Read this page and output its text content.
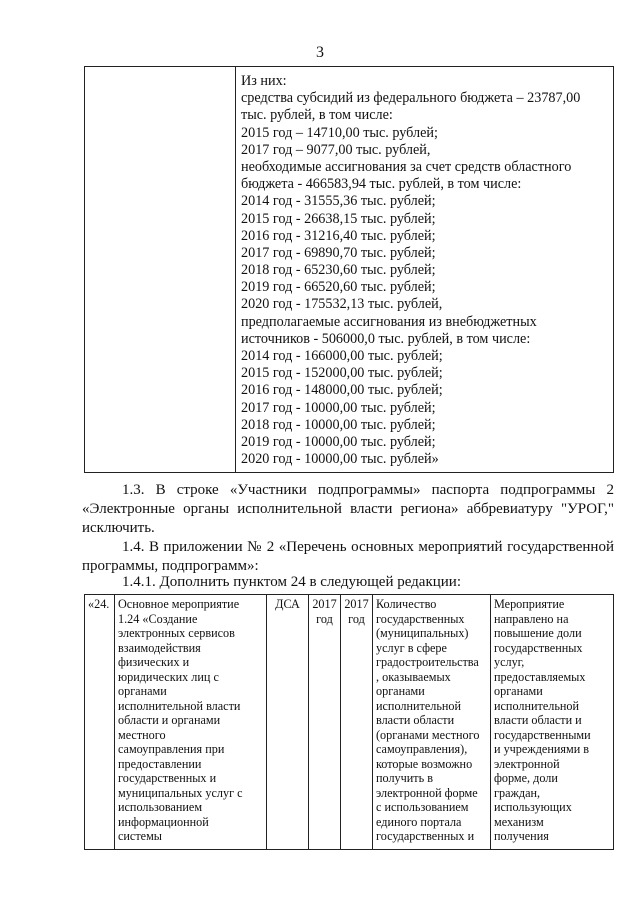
3
Из них:
средства субсидий из федерального бюджета – 23787,00
тыс. рублей, в том числе:
2015 год – 14710,00 тыс. рублей;
2017 год – 9077,00 тыс. рублей,
необходимые ассигнования за счет средств областного
бюджета - 466583,94 тыс. рублей, в том числе:
2014 год - 31555,36 тыс. рублей;
2015 год - 26638,15 тыс. рублей;
2016 год - 31216,40 тыс. рублей;
2017 год - 69890,70 тыс. рублей;
2018 год - 65230,60 тыс. рублей;
2019 год - 66520,60 тыс. рублей;
2020 год - 175532,13 тыс. рублей,
предполагаемые ассигнования из внебюджетных
источников - 506000,0 тыс. рублей, в том числе:
2014 год - 166000,00 тыс. рублей;
2015 год - 152000,00 тыс. рублей;
2016 год - 148000,00 тыс. рублей;
2017 год - 10000,00 тыс. рублей;
2018 год - 10000,00 тыс. рублей;
2019 год - 10000,00 тыс. рублей;
2020 год - 10000,00 тыс. рублей»
1.3. В строке «Участники подпрограммы» паспорта подпрограммы 2
«Электронные органы исполнительной власти региона» аббревиатуру "УРОГ,"
исключить.
1.4. В приложении № 2 «Перечень основных мероприятий государственной
программы, подпрограмм»:
1.4.1. Дополнить пунктом 24 в следующей редакции:
«24. Основное мероприятие
1.24 «Создание
электронных сервисов
взаимодействия
физических и
юридических лиц с
органами
исполнительной власти
области и органами
местного
самоуправления при
предоставлении
государственных и
муниципальных услуг с
использованием
информационной
системы
ДСА	2017
год
2017
год
Количество
государственных
(муниципальных)
услуг в сфере
градостроительства
, оказываемых
органами
исполнительной
власти области
(органами местного
самоуправления),
которые возможно
получить в
электронной форме
с использованием
единого портала
государственных и
Мероприятие
направлено на
повышение доли
государственных
услуг,
предоставляемых
органами
исполнительной
власти области и
государственными
и учреждениями в
электронной
форме, доли
граждан,
использующих
механизм
получения
